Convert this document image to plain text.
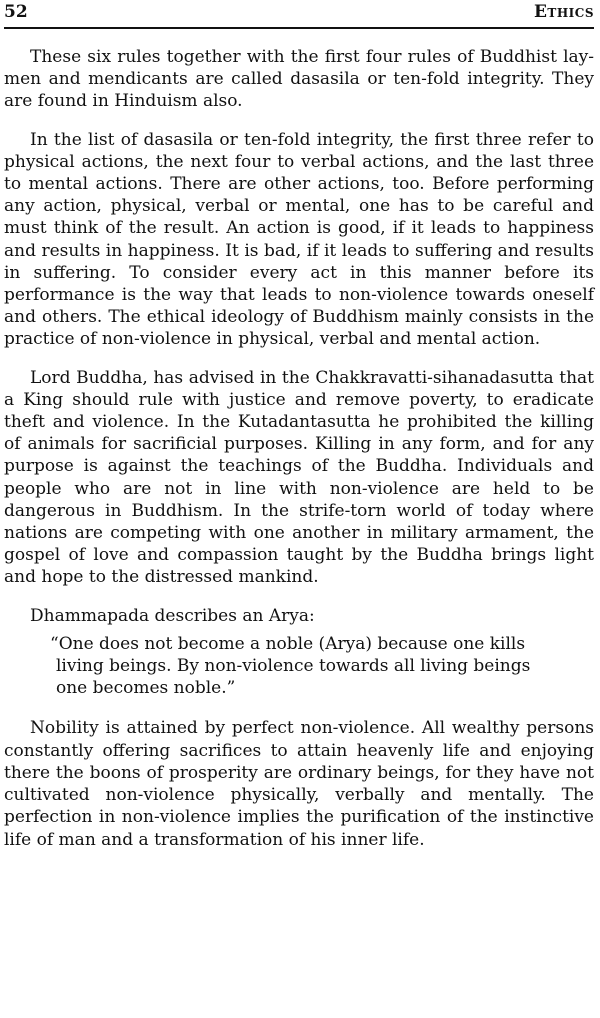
52	Ethics

These six rules together with the first four rules of Buddhist lay-men and mendicants are called dasasila or ten-fold integrity. They are found in Hinduism also.

In the list of dasasila or ten-fold integrity, the first three refer to physical actions, the next four to verbal actions, and the last three to mental actions. There are other actions, too. Before performing any action, physical, verbal or mental, one has to be careful and must think of the result. An action is good, if it leads to happiness and results in happiness. It is bad, if it leads to suffering and results in suffering. To consider every act in this manner before its performance is the way that leads to non-violence towards oneself and others. The ethical ideology of Buddhism mainly consists in the practice of non-violence in physical, verbal and mental action.

Lord Buddha, has advised in the Chakkravatti-sihanadasutta that a King should rule with justice and remove poverty, to eradicate theft and violence. In the Kutadantasutta he prohibited the killing of animals for sacrificial purposes. Killing in any form, and for any purpose is against the teachings of the Buddha. Individuals and people who are not in line with non-violence are held to be dangerous in Buddhism. In the strife-torn world of today where nations are competing with one another in military armament, the gospel of love and compassion taught by the Buddha brings light and hope to the distressed mankind.

Dhammapada describes an Arya:

“One does not become a noble (Arya) because one kills living beings. By non-violence towards all living beings one becomes noble.”

Nobility is attained by perfect non-violence. All wealthy persons constantly offering sacrifices to attain heavenly life and enjoying there the boons of prosperity are ordinary beings, for they have not cultivated non-violence physically, verbally and mentally. The perfection in non-violence implies the purification of the instinctive life of man and a transformation of his inner life.
